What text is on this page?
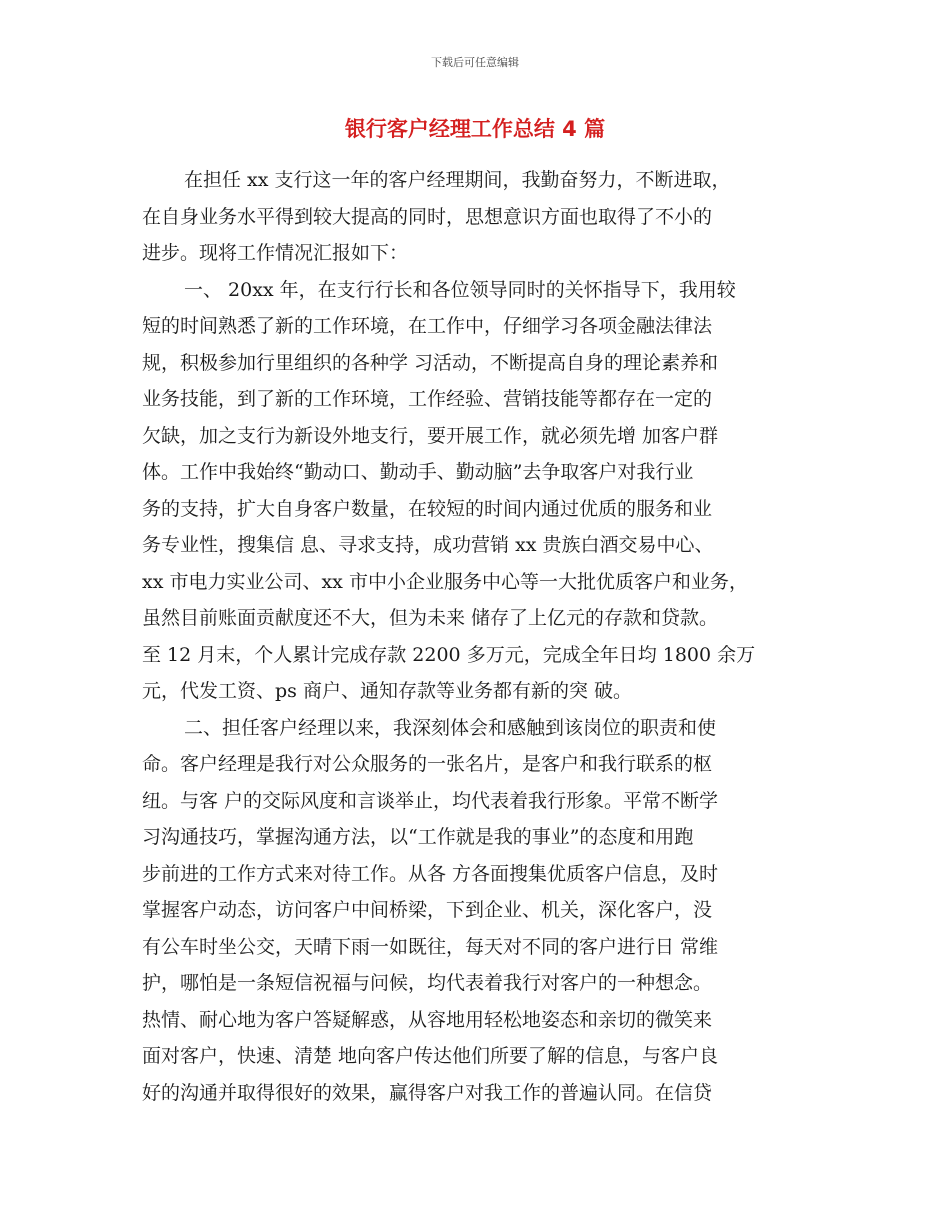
下载后可任意编辑
银行客户经理工作总结 4 篇
在担任 xx 支行这一年的客户经理期间，我勤奋努力，不断进取，
在自身业务水平得到较大提高的同时，思想意识方面也取得了不小的
进步。现将工作情况汇报如下：
一、 20xx 年，在支行行长和各位领导同时的关怀指导下，我用较
短的时间熟悉了新的工作环境，在工作中，仔细学习各项金融法律法
规，积极参加行里组织的各种学 习活动，不断提高自身的理论素养和
业务技能，到了新的工作环境，工作经验、营销技能等都存在一定的
欠缺，加之支行为新设外地支行，要开展工作，就必须先增 加客户群
体。工作中我始终“勤动口、勤动手、勤动脑”去争取客户对我行业
务的支持，扩大自身客户数量，在较短的时间内通过优质的服务和业
务专业性，搜集信 息、寻求支持，成功营销 xx 贵族白酒交易中心、
xx 市电力实业公司、xx 市中小企业服务中心等一大批优质客户和业务，
虽然目前账面贡献度还不大，但为未来 储存了上亿元的存款和贷款。
至 12 月末，个人累计完成存款 2200 多万元，完成全年日均 1800 余万
元，代发工资、ps 商户、通知存款等业务都有新的突 破。
二、担任客户经理以来，我深刻体会和感触到该岗位的职责和使
命。客户经理是我行对公众服务的一张名片，是客户和我行联系的枢
纽。与客 户的交际风度和言谈举止，均代表着我行形象。平常不断学
习沟通技巧，掌握沟通方法，以“工作就是我的事业”的态度和用跑
步前进的工作方式来对待工作。从各 方各面搜集优质客户信息，及时
掌握客户动态，访问客户中间桥梁，下到企业、机关，深化客户，没
有公车时坐公交，天晴下雨一如既往，每天对不同的客户进行日 常维
护，哪怕是一条短信祝福与问候，均代表着我行对客户的一种想念。
热情、耐心地为客户答疑解惑，从容地用轻松地姿态和亲切的微笑来
面对客户，快速、清楚 地向客户传达他们所要了解的信息，与客户良
好的沟通并取得很好的效果，赢得客户对我工作的普遍认同。在信贷
